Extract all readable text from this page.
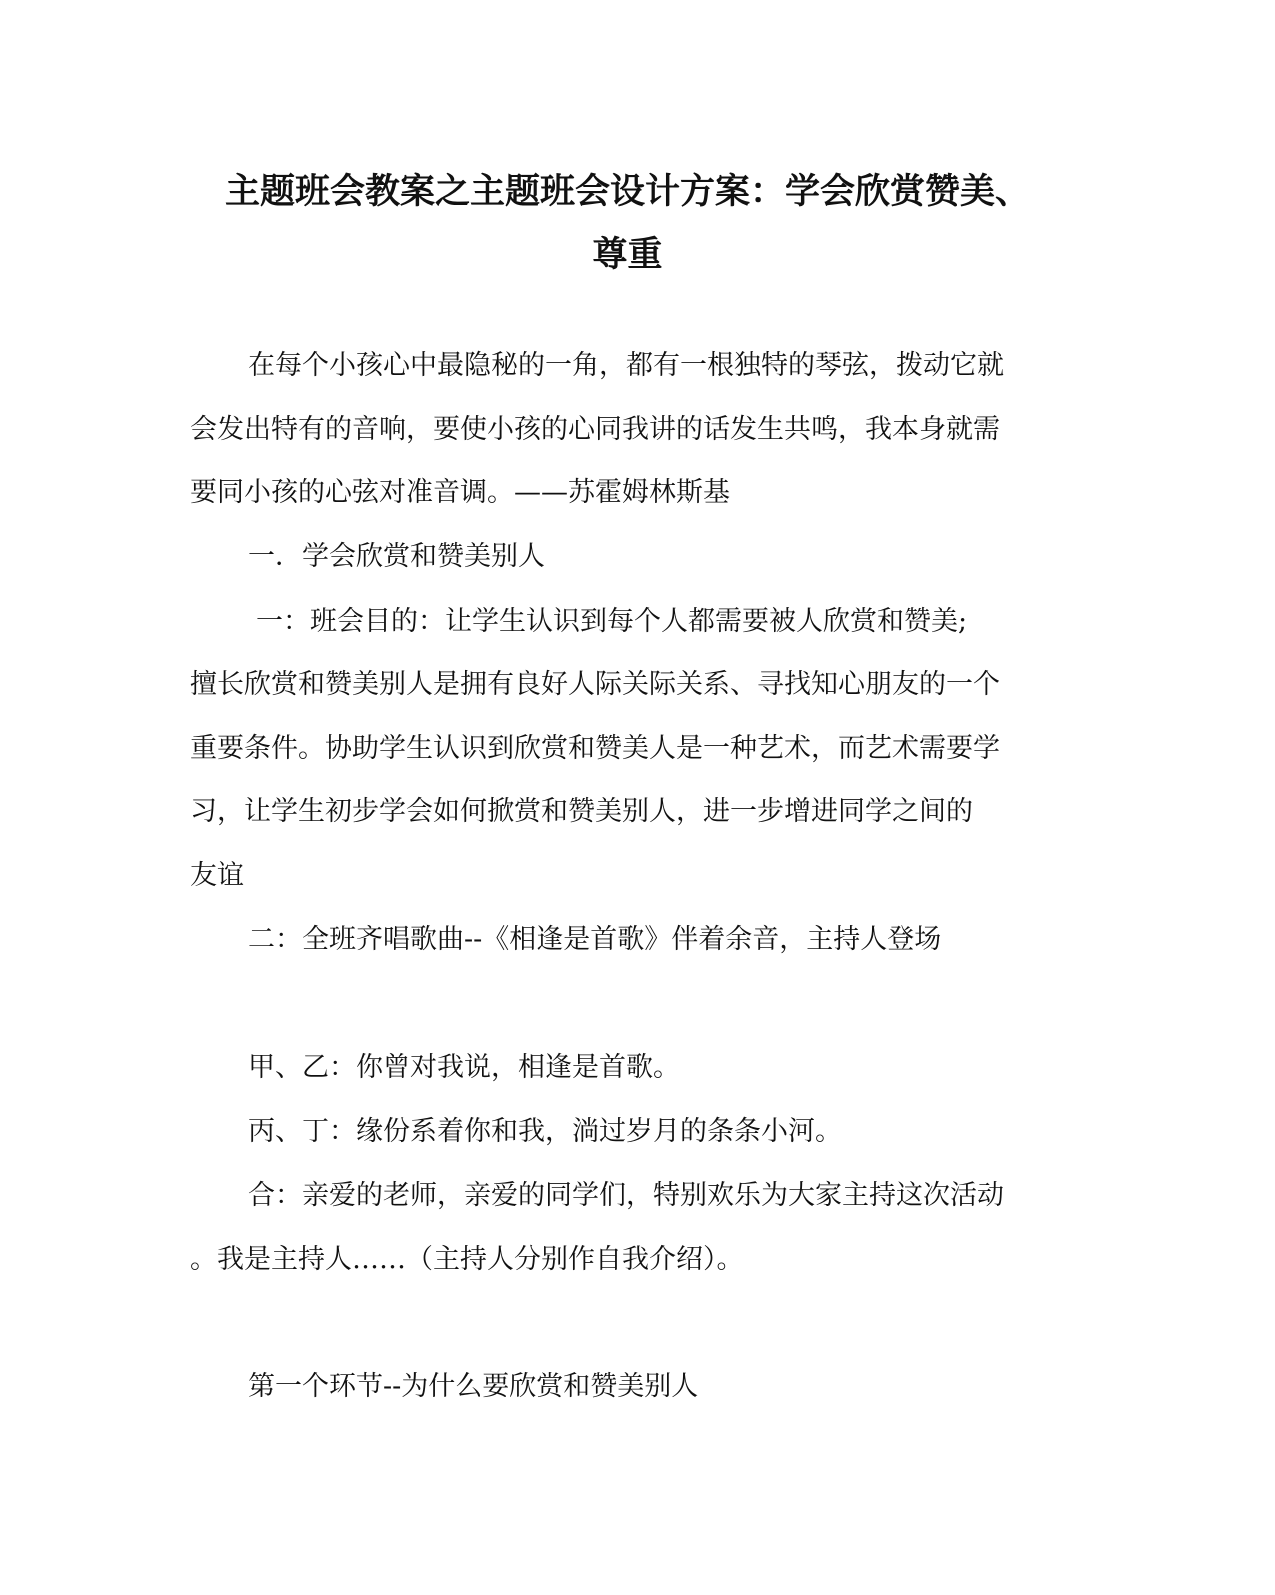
主题班会教案之主题班会设计方案：学会欣赏赞美、
尊重
在每个小孩心中最隐秘的一角，都有一根独特的琴弦，拨动它就
会发出特有的音响，要使小孩的心同我讲的话发生共鸣，我本身就需
要同小孩的心弦对准音调。——苏霍姆林斯基
一．学会欣赏和赞美别人
一：班会目的：让学生认识到每个人都需要被人欣赏和赞美;
擅长欣赏和赞美别人是拥有良好人际关际关系、寻找知心朋友的一个
重要条件。协助学生认识到欣赏和赞美人是一种艺术，而艺术需要学
习，让学生初步学会如何掀赏和赞美别人，进一步增进同学之间的
友谊
二：全班齐唱歌曲--《相逢是首歌》伴着余音，主持人登场
甲、乙：你曾对我说，相逢是首歌。
丙、丁：缘份系着你和我，淌过岁月的条条小河。
合：亲爱的老师，亲爱的同学们，特别欢乐为大家主持这次活动
。我是主持人……（主持人分别作自我介绍）。
第一个环节--为什么要欣赏和赞美别人
